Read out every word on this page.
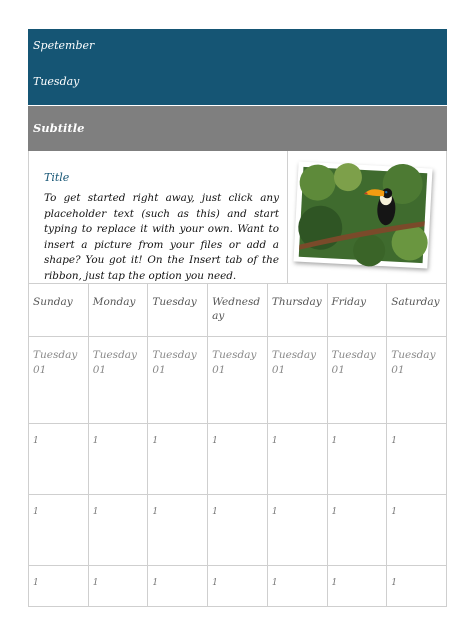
Spetember
Tuesday
Subtitle
Title
To get started right away, just click any placeholder text (such as this) and start typing to replace it with your own. Want to insert a picture from your files or add a shape? You got it! On the Insert tab of the ribbon, just tap the option you need.
Sunday	Monday	Tuesday	Wednesday	Thursday	Friday	Saturday

Tuesday 01	Tuesday 01	Tuesday 01	Tuesday01	Tuesday 01	Tuesday 01	Tuesday 01

1	1	1	1	1	1	1

1	1	1	1	1	1	1

1	1	1	1	1	1	1
